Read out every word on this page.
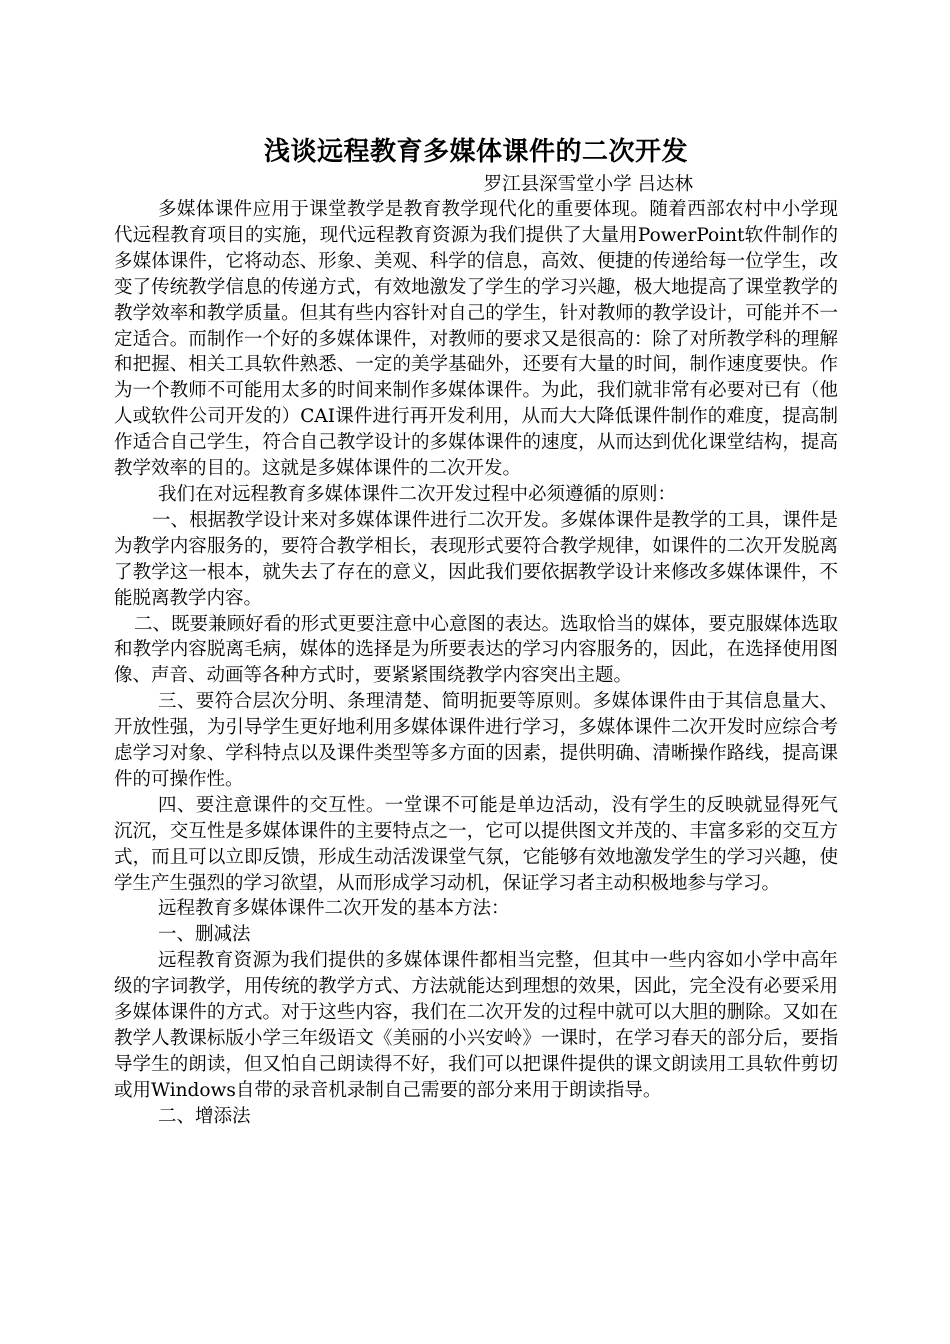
浅谈远程教育多媒体课件的二次开发
罗江县深雪堂小学 吕达林

多媒体课件应用于课堂教学是教育教学现代化的重要体现。随着西部农村中小学现代远程教育项目的实施，现代远程教育资源为我们提供了大量用PowerPoint软件制作的多媒体课件，它将动态、形象、美观、科学的信息，高效、便捷的传递给每一位学生，改变了传统教学信息的传递方式，有效地激发了学生的学习兴趣，极大地提高了课堂教学的教学效率和教学质量。但其有些内容针对自己的学生，针对教师的教学设计，可能并不一定适合。而制作一个好的多媒体课件，对教师的要求又是很高的：除了对所教学科的理解和把握、相关工具软件熟悉、一定的美学基础外，还要有大量的时间，制作速度要快。作为一个教师不可能用太多的时间来制作多媒体课件。为此，我们就非常有必要对已有（他人或软件公司开发的）CAI课件进行再开发利用，从而大大降低课件制作的难度，提高制作适合自己学生，符合自己教学设计的多媒体课件的速度，从而达到优化课堂结构，提高教学效率的目的。这就是多媒体课件的二次开发。

我们在对远程教育多媒体课件二次开发过程中必须遵循的原则：

一、根据教学设计来对多媒体课件进行二次开发。多媒体课件是教学的工具，课件是为教学内容服务的，要符合教学相长，表现形式要符合教学规律，如课件的二次开发脱离了教学这一根本，就失去了存在的意义，因此我们要依据教学设计来修改多媒体课件，不能脱离教学内容。

二、既要兼顾好看的形式更要注意中心意图的表达。选取恰当的媒体，要克服媒体选取和教学内容脱离毛病，媒体的选择是为所要表达的学习内容服务的，因此，在选择使用图像、声音、动画等各种方式时，要紧紧围绕教学内容突出主题。

三、要符合层次分明、条理清楚、简明扼要等原则。多媒体课件由于其信息量大、开放性强，为引导学生更好地利用多媒体课件进行学习，多媒体课件二次开发时应综合考虑学习对象、学科特点以及课件类型等多方面的因素，提供明确、清晰操作路线，提高课件的可操作性。

四、要注意课件的交互性。一堂课不可能是单边活动，没有学生的反映就显得死气沉沉，交互性是多媒体课件的主要特点之一，它可以提供图文并茂的、丰富多彩的交互方式，而且可以立即反馈，形成生动活泼课堂气氛，它能够有效地激发学生的学习兴趣，使学生产生强烈的学习欲望，从而形成学习动机，保证学习者主动积极地参与学习。

远程教育多媒体课件二次开发的基本方法：

一、删减法

远程教育资源为我们提供的多媒体课件都相当完整，但其中一些内容如小学中高年级的字词教学，用传统的教学方式、方法就能达到理想的效果，因此，完全没有必要采用多媒体课件的方式。对于这些内容，我们在二次开发的过程中就可以大胆的删除。又如在教学人教课标版小学三年级语文《美丽的小兴安岭》一课时，在学习春天的部分后，要指导学生的朗读，但又怕自己朗读得不好，我们可以把课件提供的课文朗读用工具软件剪切或用Windows自带的录音机录制自己需要的部分来用于朗读指导。

二、增添法
